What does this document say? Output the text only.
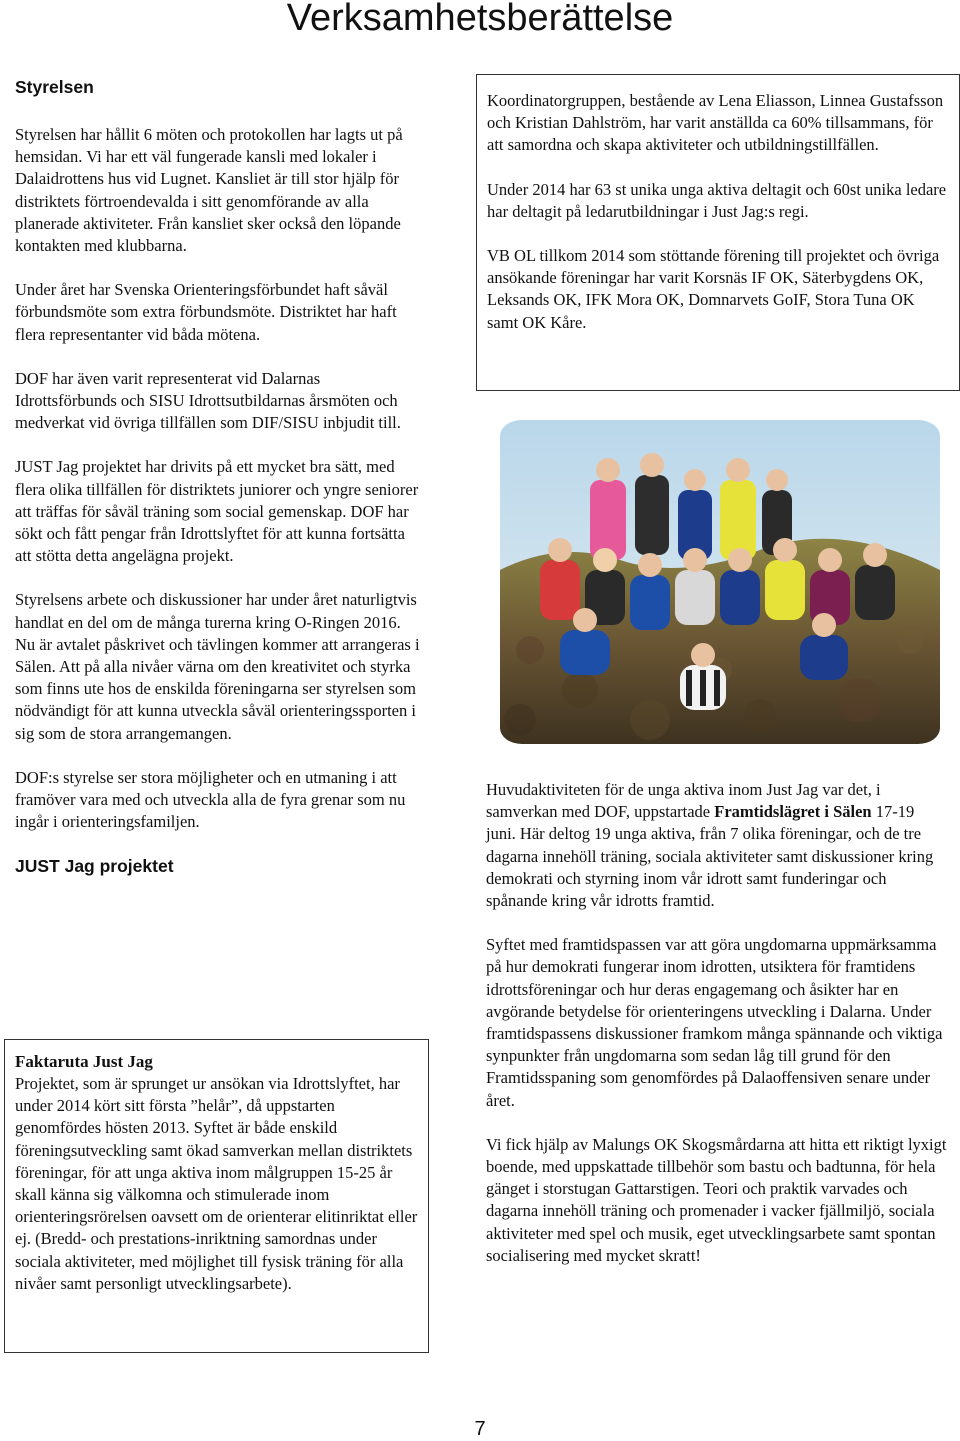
Verksamhetsberättelse
Styrelsen

Styrelsen har hållit 6 möten och protokollen har lagts ut på hemsidan. Vi har ett väl fungerade kansli med lokaler i Dalaidrottens hus vid Lugnet. Kansliet är till stor hjälp för distriktets förtroendevalda i sitt genomförande av alla planerade aktiviteter. Från kansliet sker också den löpande kontakten med klubbarna.

Under året har Svenska Orienteringsförbundet haft såväl förbundsmöte som extra förbundsmöte. Distriktet har haft flera representanter vid båda mötena.

DOF har även varit representerat vid Dalarnas Idrottsförbunds och SISU Idrottsutbildarnas årsmöten och medverkat vid övriga tillfällen som DIF/SISU inbjudit till.

JUST Jag projektet har drivits på ett mycket bra sätt, med flera olika tillfällen för distriktets juniorer och yngre seniorer att träffas för såväl träning som social gemenskap. DOF har sökt och fått pengar från Idrottslyftet för att kunna fortsätta att stötta detta angelägna projekt.

Styrelsens arbete och diskussioner har under året naturligtvis handlat en del om de många turerna kring O-Ringen 2016. Nu är avtalet påskrivet och tävlingen kommer att arrangeras i Sälen. Att på alla nivåer värna om den kreativitet och styrka som finns ute hos de enskilda föreningarna ser styrelsen som nödvändigt för att kunna utveckla såväl orienteringssporten i sig som de stora arrangemangen.

DOF:s styrelse ser stora möjligheter och en utmaning i att framöver vara med och utveckla alla de fyra grenar som nu ingår i orienteringsfamiljen.

JUST Jag projektet
Faktaruta Just Jag

Projektet, som är sprunget ur ansökan via Idrottslyftet, har under 2014 kört sitt första ”helår”, då uppstarten genomfördes hösten 2013. Syftet är både enskild föreningsutveckling samt ökad samverkan mellan distriktets föreningar, för att unga aktiva inom målgruppen 15-25 år skall känna sig välkomna och stimulerade inom orienteringsrörelsen oavsett om de orienterar elitinriktat eller ej. (Bredd- och prestations-inriktning samordnas under sociala aktiviteter, med möjlighet till fysisk träning för alla nivåer samt personligt utvecklingsarbete).

Koordinatorgruppen, bestående av Lena Eliasson, Linnea Gustafsson och Kristian Dahlström, har varit anställda ca 60% tillsammans, för att samordna och skapa aktiviteter och utbildningstillfällen.

Under 2014 har 63 st unika unga aktiva deltagit och 60st unika ledare har deltagit på ledarutbildningar i Just Jag:s regi.

VB OL tillkom 2014 som stöttande förening till projektet och övriga ansökande föreningar har varit Korsnäs IF OK, Säterbygdens OK, Leksands OK, IFK Mora OK, Domnarvets GoIF, Stora Tuna OK samt OK Kåre.

Huvudaktiviteten för de unga aktiva inom Just Jag var det, i samverkan med DOF, uppstartade Framtidslägret i Sälen 17-19 juni. Här deltog 19 unga aktiva, från 7 olika föreningar, och de tre dagarna innehöll träning, sociala aktiviteter samt diskussioner kring demokrati och styrning inom vår idrott samt funderingar och spånande kring vår idrotts framtid.

Syftet med framtidspassen var att göra ungdomarna uppmärksamma på hur demokrati fungerar inom idrotten, utsiktera för framtidens idrottsföreningar och hur deras engagemang och åsikter har en avgörande betydelse för orienteringens utveckling i Dalarna. Under framtidspassens diskussioner framkom många spännande och viktiga synpunkter från ungdomarna som sedan låg till grund för den Framtidsspaning som genomfördes på Dalaoffensiven senare under året.

Vi fick hjälp av Malungs OK Skogsmårdarna att hitta ett riktigt lyxigt boende, med uppskattade tillbehör som bastu och badtunna, för hela gänget i storstugan Gattarstigen. Teori och praktik varvades och dagarna innehöll träning och promenader i vacker fjällmiljö, sociala aktiviteter med spel och musik, eget utvecklingsarbete samt spontan socialisering med mycket skratt!

7
